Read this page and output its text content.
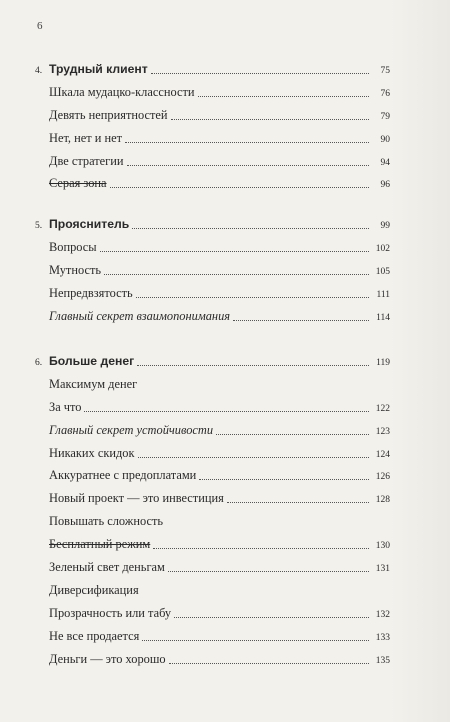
6
4. Трудный клиент	75
Шкала мудацко-классности	76
Девять неприятностей	79
Нет, нет и нет	90
Две стратегии	94
Серая зона	96
5. Прояснитель	99
Вопросы	102
Мутность	105
Непредвзятость	111
Главный секрет взаимопонимания	114
6. Больше денег	119
Максимум денег
За что	122
Главный секрет устойчивости	123
Никаких скидок	124
Аккуратнее с предоплатами	126
Новый проект — это инвестиция	128
Повышать сложность
Бесплатный режим	130
Зеленый свет деньгам	131
Диверсификация
Прозрачность или табу	132
Не все продается	133
Деньги — это хорошо	135
